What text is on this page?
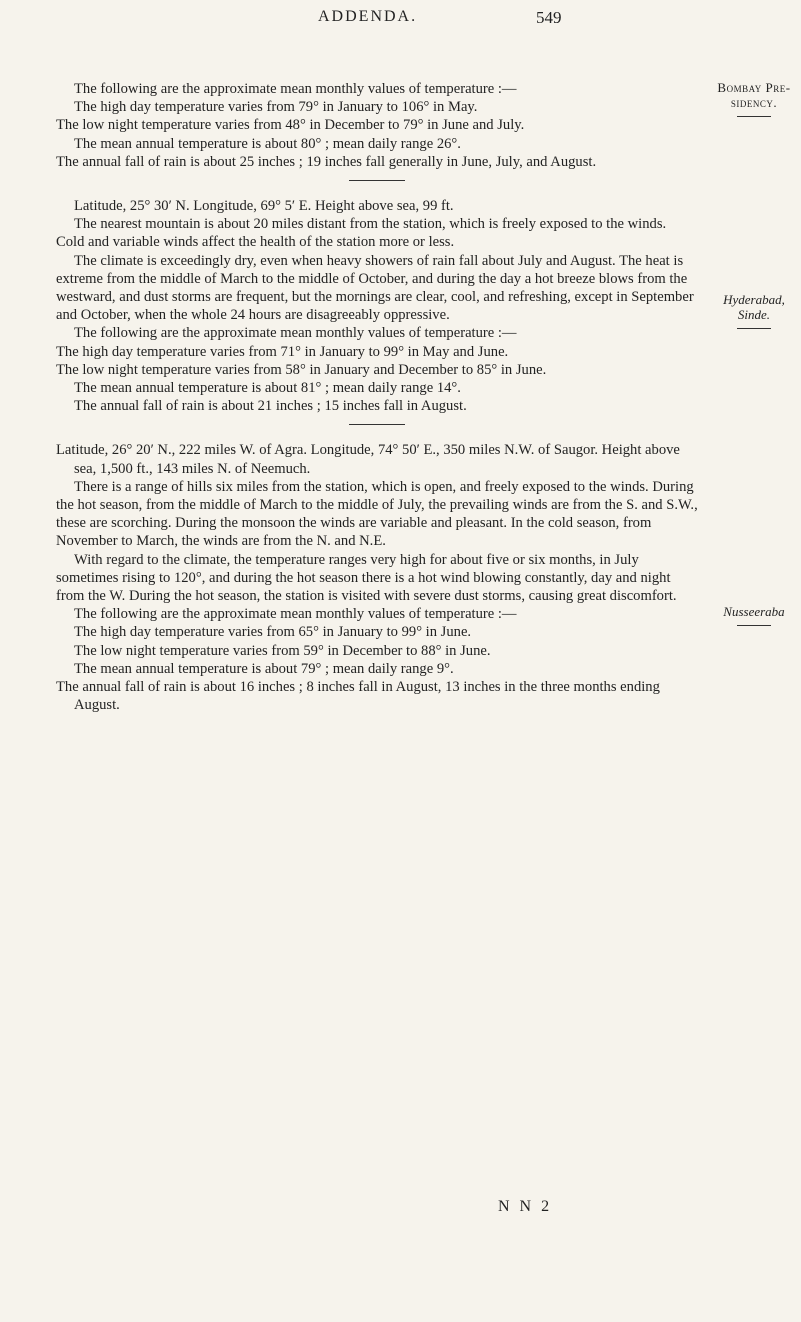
ADDENDA.	549
Bombay Pre-
sidency.
Hyderabad,
Sinde.
Nusseeraba

The following are the approximate mean monthly values of temperature :—

The high day temperature varies from 79° in January to 106° in May.

The low night temperature varies from 48° in December to 79° in June and July.

The mean annual temperature is about 80° ; mean daily range 26°.

The annual fall of rain is about 25 inches ; 19 inches fall generally in June, July, and August.

Latitude, 25° 30′ N. Longitude, 69° 5′ E. Height above sea, 99 ft.

The nearest mountain is about 20 miles distant from the station, which is freely exposed to the winds. Cold and variable winds affect the health of the station more or less.

The climate is exceedingly dry, even when heavy showers of rain fall about July and August. The heat is extreme from the middle of March to the middle of October, and during the day a hot breeze blows from the westward, and dust storms are frequent, but the mornings are clear, cool, and refreshing, except in September and October, when the whole 24 hours are disagreeably oppressive.

The following are the approximate mean monthly values of temperature :—

The high day temperature varies from 71° in January to 99° in May and June.

The low night temperature varies from 58° in January and December to 85° in June.

The mean annual temperature is about 81° ; mean daily range 14°.

The annual fall of rain is about 21 inches ; 15 inches fall in August.

Latitude, 26° 20′ N., 222 miles W. of Agra. Longitude, 74° 50′ E., 350 miles N.W. of Saugor. Height above sea, 1,500 ft., 143 miles N. of Neemuch.

There is a range of hills six miles from the station, which is open, and freely exposed to the winds. During the hot season, from the middle of March to the middle of July, the prevailing winds are from the S. and S.W., these are scorching. During the monsoon the winds are variable and pleasant. In the cold season, from November to March, the winds are from the N. and N.E.

With regard to the climate, the temperature ranges very high for about five or six months, in July sometimes rising to 120°, and during the hot season there is a hot wind blowing constantly, day and night from the W. During the hot season, the station is visited with severe dust storms, causing great discomfort.

The following are the approximate mean monthly values of temperature :—

The high day temperature varies from 65° in January to 99° in June.

The low night temperature varies from 59° in December to 88° in June.

The mean annual temperature is about 79° ; mean daily range 9°.

The annual fall of rain is about 16 inches ; 8 inches fall in August, 13 inches in the three months ending August.

N N 2
